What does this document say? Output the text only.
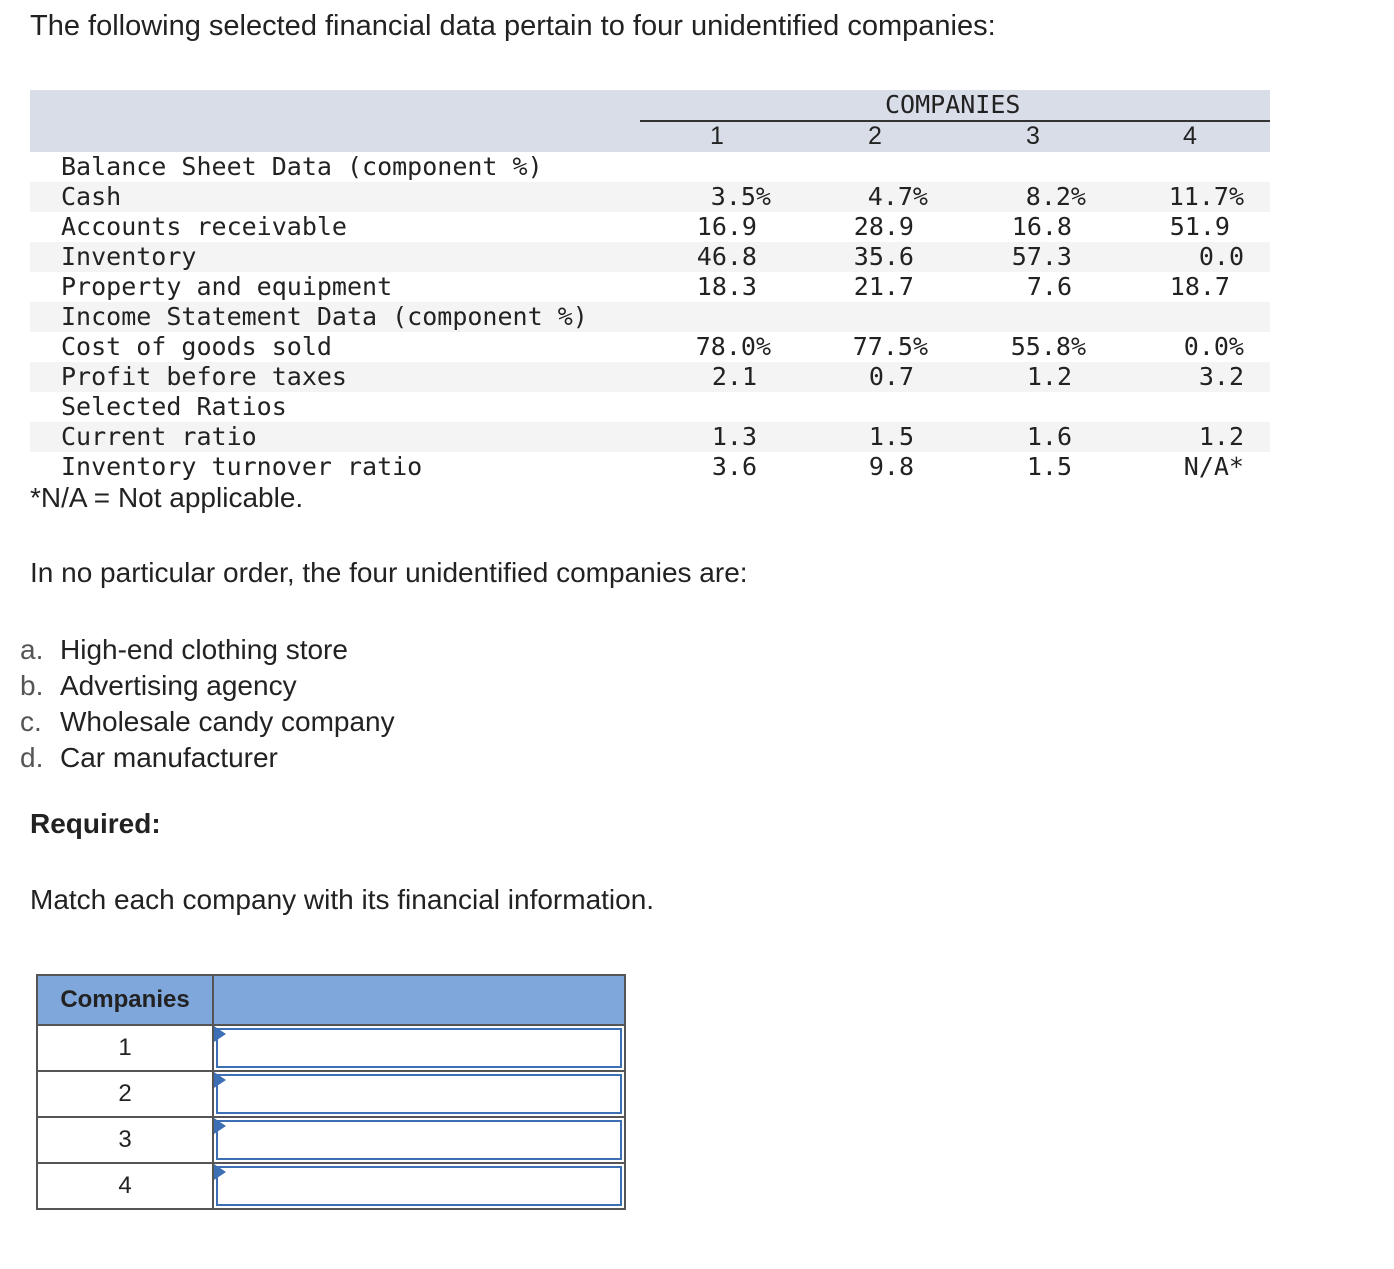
The following selected financial data pertain to four unidentified companies:
COMPANIES
1	2	3	4
Balance Sheet Data (component %)
Cash	3.5%	4.7%	8.2%	11.7%
Accounts receivable	16.9	28.9	16.8	51.9
Inventory	46.8	35.6	57.3	0.0
Property and equipment	18.3	21.7	7.6	18.7
Income Statement Data (component %)
Cost of goods sold	78.0%	77.5%	55.8%	0.0%
Profit before taxes	2.1	0.7	1.2	3.2
Selected Ratios
Current ratio	1.3	1.5	1.6	1.2
Inventory turnover ratio	3.6	9.8	1.5	N/A*
*N/A = Not applicable.
In no particular order, the four unidentified companies are:
a. High-end clothing store
b. Advertising agency
c. Wholesale candy company
d. Car manufacturer
Required:
Match each company with its financial information.
Companies	
1	

2	

3	

4	
